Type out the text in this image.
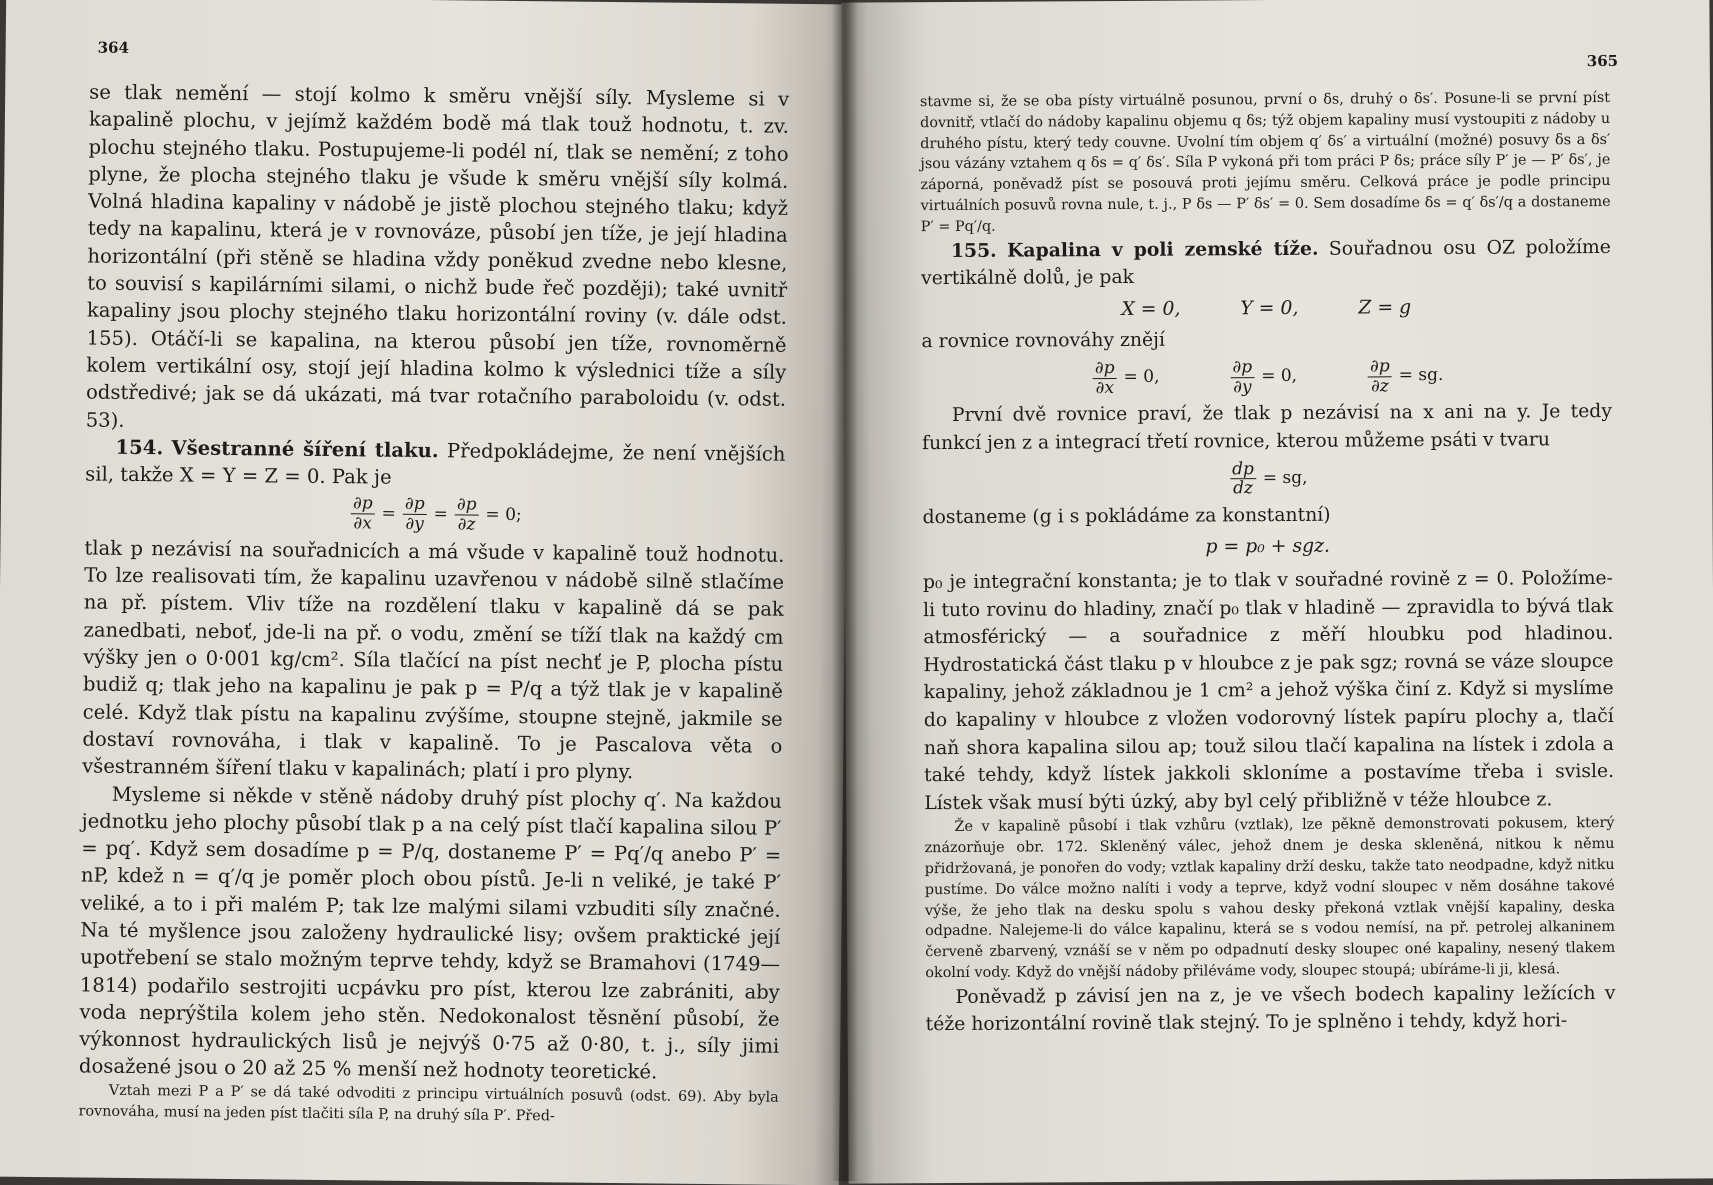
364

se tlak nemění — stojí kolmo k směru vnější síly. Mysleme si v kapalině plochu, v jejímž každém bodě má tlak touž hodnotu, t. zv. plochu stejného tlaku. Postupujeme-li podél ní, tlak se nemění; z toho plyne, že plocha stejného tlaku je všude k směru vnější síly kolmá. Volná hladina kapaliny v nádobě je jistě plochou stejného tlaku; když tedy na kapalinu, která je v rovnováze, působí jen tíže, je její hladina horizontální (při stěně se hladina vždy poněkud zvedne nebo klesne, to souvisí s kapilárními silami, o nichž bude řeč později); také uvnitř kapaliny jsou plochy stejného tlaku horizontální roviny (v. dále odst. 155). Otáčí-li se kapalina, na kterou působí jen tíže, rovnoměrně kolem vertikální osy, stojí její hladina kolmo k výslednici tíže a síly odstředivé; jak se dá ukázati, má tvar rotačního paraboloidu (v. odst. 53).

154. Všestranné šíření tlaku. Předpokládejme, že není vnějších sil, takže X = Y = Z = 0. Pak je

$\frac{\partial p}{\partial x} = \frac{\partial p}{\partial y} = \frac{\partial p}{\partial z} = 0$;

tlak p nezávisí na souřadnicích a má všude v kapalině touž hodnotu. To lze realisovati tím, že kapalinu uzavřenou v nádobě silně stlačíme na př. pístem. Vliv tíže na rozdělení tlaku v kapalině dá se pak zanedbati, neboť, jde-li na př. o vodu, změní se tíží tlak na každý cm výšky jen o 0·001 kg/cm². Síla tlačící na píst nechť je P, plocha pístu budiž q; tlak jeho na kapalinu je pak p = P/q a týž tlak je v kapalině celé. Když tlak pístu na kapalinu zvýšíme, stoupne stejně, jakmile se dostaví rovnováha, i tlak v kapalině. To je Pascalova věta o všestranném šíření tlaku v kapalinách; platí i pro plyny.

Mysleme si někde v stěně nádoby druhý píst plochy q′. Na každou jednotku jeho plochy působí tlak p a na celý píst tlačí kapalina silou P′ = pq′. Když sem dosadíme p = P/q, dostaneme P′ = Pq′/q anebo P′ = nP, kdež n = q′/q je poměr ploch obou pístů. Je-li n veliké, je také P′ veliké, a to i při malém P; tak lze malými silami vzbuditi síly značné. Na té myšlence jsou založeny hydraulické lisy; ovšem praktické její upotřebení se stalo možným teprve tehdy, když se Bramahovi (1749—1814) podařilo sestrojiti ucpávku pro píst, kterou lze zabrániti, aby voda neprýštila kolem jeho stěn. Nedokonalost těsnění působí, že výkonnost hydraulických lisů je nejvýš 0·75 až 0·80, t. j., síly jimi dosažené jsou o 20 až 25 % menší než hodnoty teoretické.

Vztah mezi P a P′ se dá také odvoditi z principu virtuálních posuvů (odst. 69). Aby byla rovnováha, musí na jeden píst tlačiti síla P, na druhý síla P′. Před-

365

stavme si, že se oba písty virtuálně posunou, první o δs, druhý o δs′. Posune-li se první píst dovnitř, vtlačí do nádoby kapalinu objemu q δs; týž objem kapaliny musí vystoupiti z nádoby u druhého pístu, který tedy couvne. Uvolní tím objem q′ δs′ a virtuální (možné) posuvy δs a δs′ jsou vázány vztahem q δs = q′ δs′. Síla P vykoná při tom práci P δs; práce síly P′ je — P′ δs′, je záporná, poněvadž píst se posouvá proti jejímu směru. Celková práce je podle principu virtuálních posuvů rovna nule, t. j., P δs — P′ δs′ = 0. Sem dosadíme δs = q′ δs′/q a dostaneme P′ = Pq′/q.

155. Kapalina v poli zemské tíže. Souřadnou osu OZ položíme vertikálně dolů, je pak

X = 0,	Y = 0,	Z = g

a rovnice rovnováhy znějí

$\frac{\partial p}{\partial x} = 0$,	$\frac{\partial p}{\partial y} = 0$,	$\frac{\partial p}{\partial z}$ = sg.

První dvě rovnice praví, že tlak p nezávisí na x ani na y. Je tedy funkcí jen z a integrací třetí rovnice, kterou můžeme psáti v tvaru

$\frac{dp}{dz}$ = sg,

dostaneme (g i s pokládáme za konstantní)

p = p₀ + sgz.

p₀ je integrační konstanta; je to tlak v souřadné rovině z = 0. Položíme-li tuto rovinu do hladiny, značí p₀ tlak v hladině — zpravidla to bývá tlak atmosférický — a souřadnice z měří hloubku pod hladinou. Hydrostatická část tlaku p v hloubce z je pak sgz; rovná se váze sloupce kapaliny, jehož základnou je 1 cm² a jehož výška činí z. Když si myslíme do kapaliny v hloubce z vložen vodorovný lístek papíru plochy a, tlačí naň shora kapalina silou ap; touž silou tlačí kapalina na lístek i zdola a také tehdy, když lístek jakkoli skloníme a postavíme třeba i svisle. Lístek však musí býti úzký, aby byl celý přibližně v téže hloubce z.

Že v kapalině působí i tlak vzhůru (vztlak), lze pěkně demonstrovati pokusem, který znázorňuje obr. 172. Skleněný válec, jehož dnem je deska skleněná, nitkou k němu přidržovaná, je ponořen do vody; vztlak kapaliny drží desku, takže tato neodpadne, když nitku pustíme. Do válce možno nalíti i vody a teprve, když vodní sloupec v něm dosáhne takové výše, že jeho tlak na desku spolu s vahou desky překoná vztlak vnější kapaliny, deska odpadne. Nalejeme-li do válce kapalinu, která se s vodou nemísí, na př. petrolej alkaninem červeně zbarvený, vznáší se v něm po odpadnutí desky sloupec oné kapaliny, nesený tlakem okolní vody. Když do vnější nádoby přiléváme vody, sloupec stoupá; ubíráme-li ji, klesá.

Poněvadž p závisí jen na z, je ve všech bodech kapaliny ležících v téže horizontální rovině tlak stejný. To je splněno i tehdy, když hori-
